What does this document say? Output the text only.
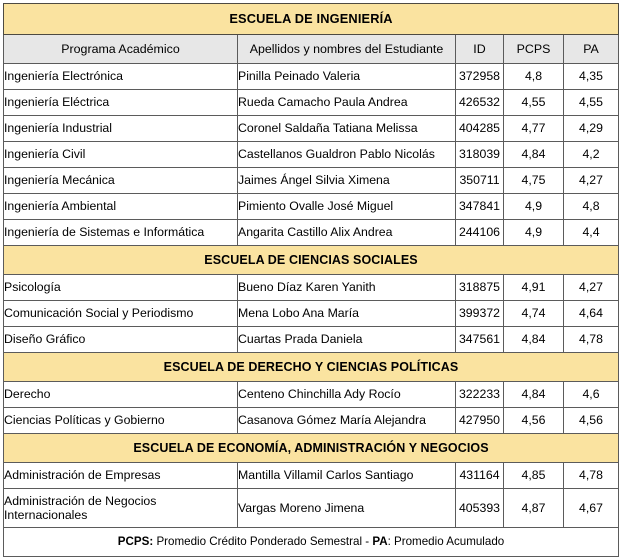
ESCUELA DE INGENIERÍA				
Programa Académico	Apellidos y nombres del Estudiante	ID	PCPS	PA
Ingeniería Electrónica	Pinilla Peinado Valeria	372958	4,8	4,35
Ingeniería Eléctrica	Rueda Camacho Paula Andrea	426532	4,55	4,55
Ingeniería Industrial	Coronel Saldaña Tatiana Melissa	404285	4,77	4,29
Ingeniería Civil	Castellanos Gualdron Pablo Nicolás	318039	4,84	4,2
Ingeniería Mecánica	Jaimes Ángel Silvia Ximena	350711	4,75	4,27
Ingeniería Ambiental	Pimiento Ovalle José Miguel	347841	4,9	4,8
Ingeniería de Sistemas e Informática	Angarita Castillo Alix Andrea	244106	4,9	4,4
ESCUELA DE CIENCIAS SOCIALES				
Psicología	Bueno Díaz Karen Yanith	318875	4,91	4,27
Comunicación Social y Periodismo	Mena Lobo Ana María	399372	4,74	4,64
Diseño Gráfico	Cuartas Prada Daniela	347561	4,84	4,78
ESCUELA DE DERECHO Y CIENCIAS POLÍTICAS				
Derecho	Centeno Chinchilla Ady Rocío	322233	4,84	4,6
Ciencias Políticas y Gobierno	Casanova Gómez María Alejandra	427950	4,56	4,56
ESCUELA DE ECONOMÍA, ADMINISTRACIÓN Y NEGOCIOS				
Administración de Empresas	Mantilla Villamil Carlos Santiago	431164	4,85	4,78
Administración de Negocios Internacionales	Vargas Moreno Jimena	405393	4,87	4,67
PCPS: Promedio Crédito Ponderado Semestral - PA: Promedio Acumulado				
